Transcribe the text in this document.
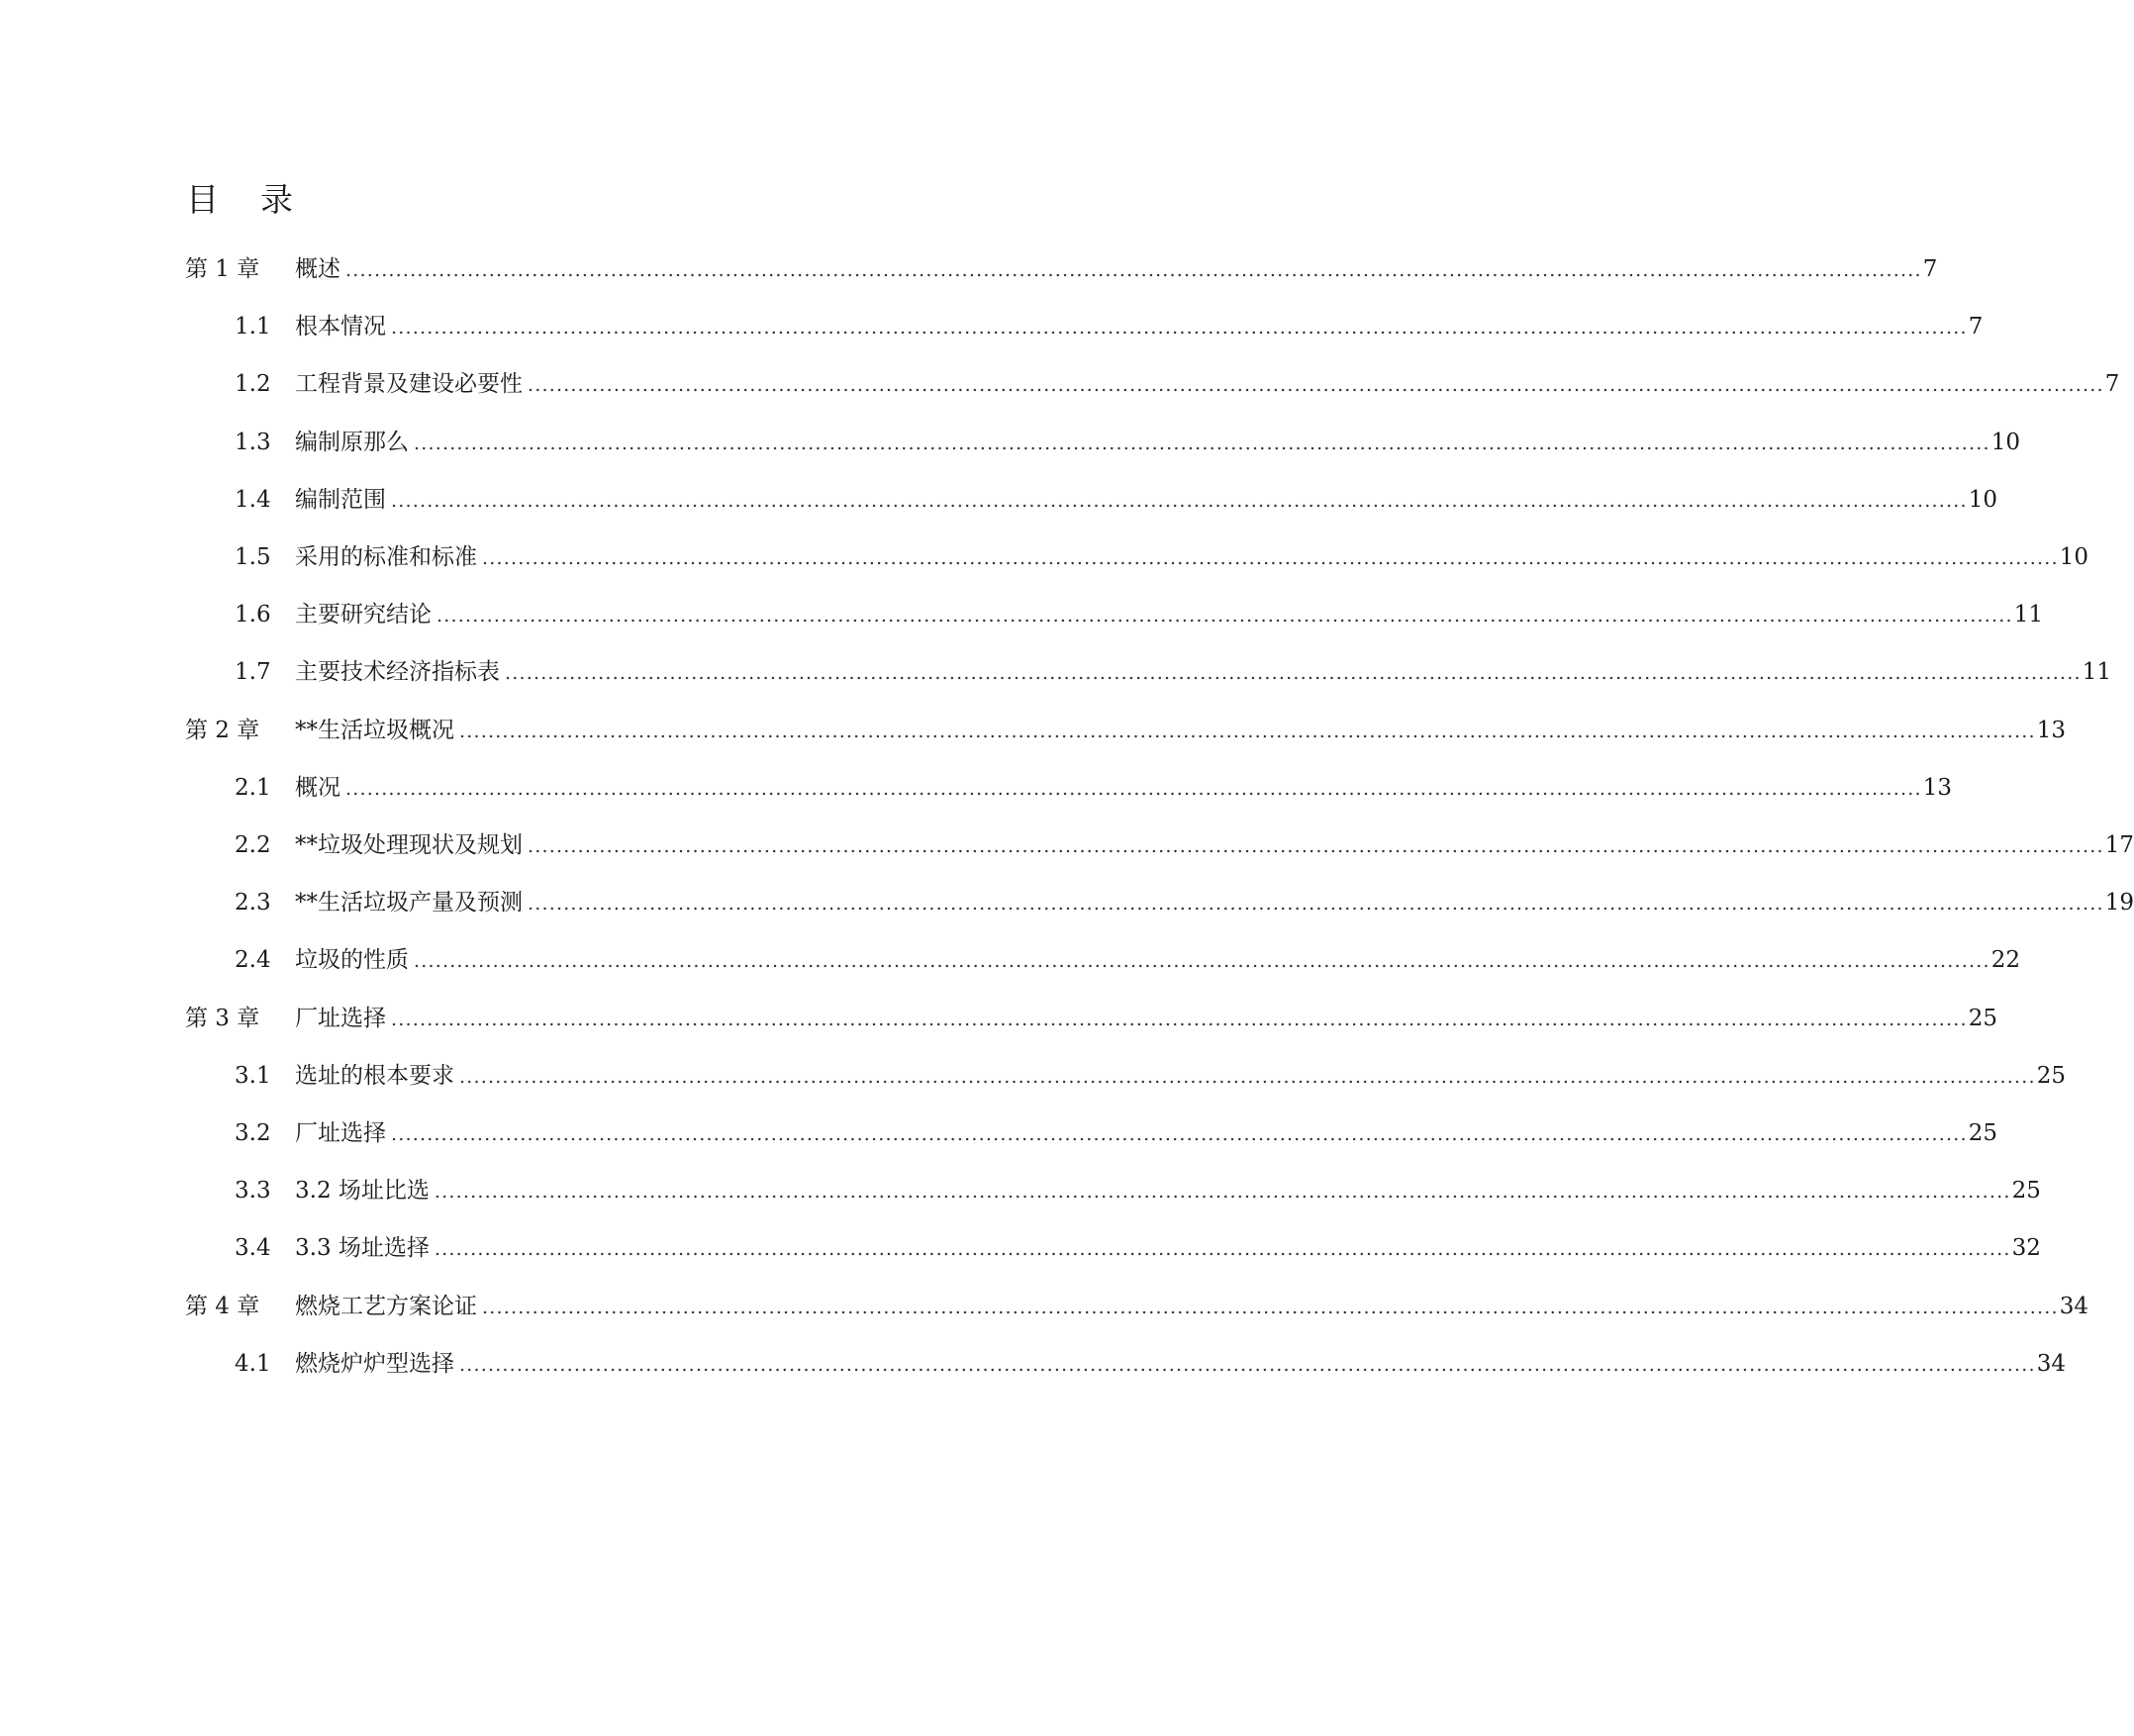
目    录
第 1 章 概述 ............................................................................................................................................................................................................................ 7
1.1 根本情况 ............................................................................................................................................................................................................................ 7
1.2 工程背景及建设必要性 ............................................................................................................................................................................................................................ 7
1.3 编制原那么 ............................................................................................................................................................................................................................ 10
1.4 编制范围 ............................................................................................................................................................................................................................ 10
1.5 采用的标准和标准 ............................................................................................................................................................................................................................ 10
1.6 主要研究结论 ............................................................................................................................................................................................................................ 11
1.7 主要技术经济指标表 ............................................................................................................................................................................................................................ 11
第 2 章 **生活垃圾概况 ............................................................................................................................................................................................................................ 13
2.1 概况 ............................................................................................................................................................................................................................ 13
2.2 **垃圾处理现状及规划 ............................................................................................................................................................................................................................ 17
2.3 **生活垃圾产量及预测 ............................................................................................................................................................................................................................ 19
2.4 垃圾的性质 ............................................................................................................................................................................................................................ 22
第 3 章 厂址选择 ............................................................................................................................................................................................................................ 25
3.1 选址的根本要求 ............................................................................................................................................................................................................................ 25
3.2 厂址选择 ............................................................................................................................................................................................................................ 25
3.3 3.2 场址比选 ............................................................................................................................................................................................................................ 25
3.4 3.3 场址选择 ............................................................................................................................................................................................................................ 32
第 4 章 燃烧工艺方案论证 ............................................................................................................................................................................................................................ 34
4.1 燃烧炉炉型选择 ............................................................................................................................................................................................................................ 34
